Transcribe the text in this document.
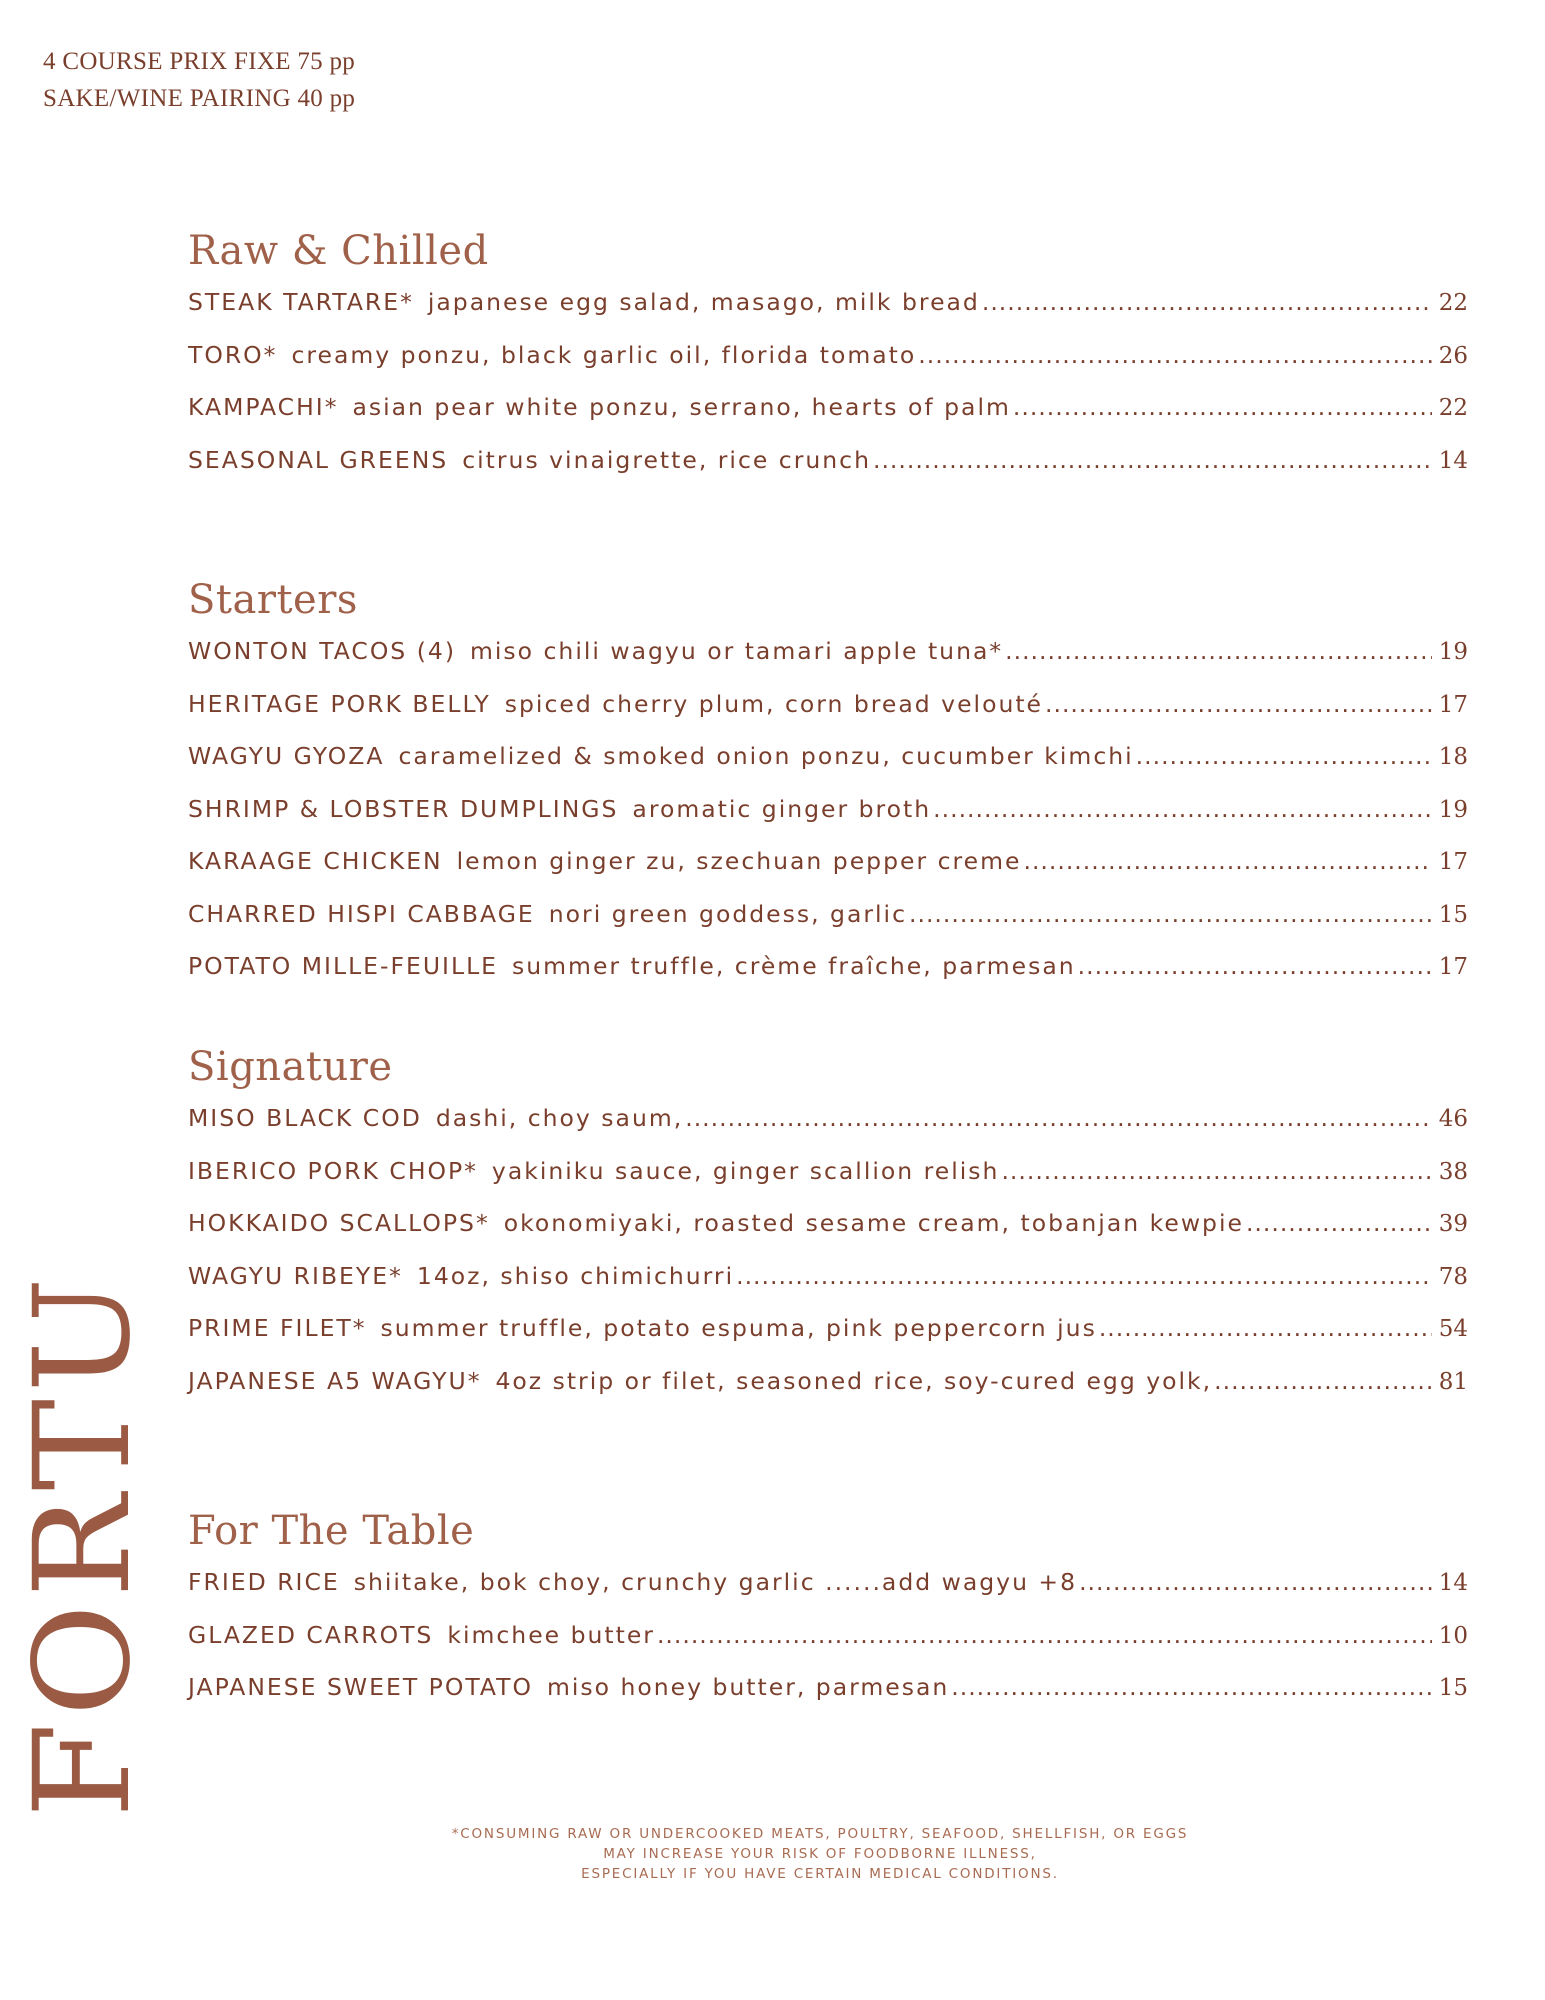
4 COURSE PRIX FIXE 75 pp
SAKE/WINE PAIRING 40 pp
FORTU
Raw & Chilled
STEAK TARTARE* japanese egg salad, masago, milk bread .....	22
TORO* creamy ponzu, black garlic oil, florida tomato .....	26
KAMPACHI* asian pear white ponzu, serrano, hearts of palm .....	22
SEASONAL GREENS citrus vinaigrette, rice crunch .....	14
Starters
WONTON TACOS (4) miso chili wagyu or tamari apple tuna* .....	19
HERITAGE PORK BELLY spiced cherry plum, corn bread velouté .....	17
WAGYU GYOZA caramelized & smoked onion ponzu, cucumber kimchi .....	18
SHRIMP & LOBSTER DUMPLINGS aromatic ginger broth .....	19
KARAAGE CHICKEN lemon ginger zu, szechuan pepper creme .....	17
CHARRED HISPI CABBAGE nori green goddess, garlic .....	15
POTATO MILLE-FEUILLE summer truffle, crème fraîche, parmesan .....	17
Signature
MISO BLACK COD dashi, choy saum, .....	46
IBERICO PORK CHOP* yakiniku sauce, ginger scallion relish .....	38
HOKKAIDO SCALLOPS* okonomiyaki, roasted sesame cream, tobanjan kewpie .....	39
WAGYU RIBEYE* 14oz, shiso chimichurri .....	78
PRIME FILET* summer truffle, potato espuma, pink peppercorn jus .....	54
JAPANESE A5 WAGYU* 4oz strip or filet, seasoned rice, soy-cured egg yolk, .....	81
For The Table
FRIED RICE shiitake, bok choy, crunchy garlic ......add wagyu +8 .....	14
GLAZED CARROTS kimchee butter .....	10
JAPANESE SWEET POTATO miso honey butter, parmesan .....	15
*CONSUMING RAW OR UNDERCOOKED MEATS, POULTRY, SEAFOOD, SHELLFISH, OR EGGS
MAY INCREASE YOUR RISK OF FOODBORNE ILLNESS,
ESPECIALLY IF YOU HAVE CERTAIN MEDICAL CONDITIONS.
